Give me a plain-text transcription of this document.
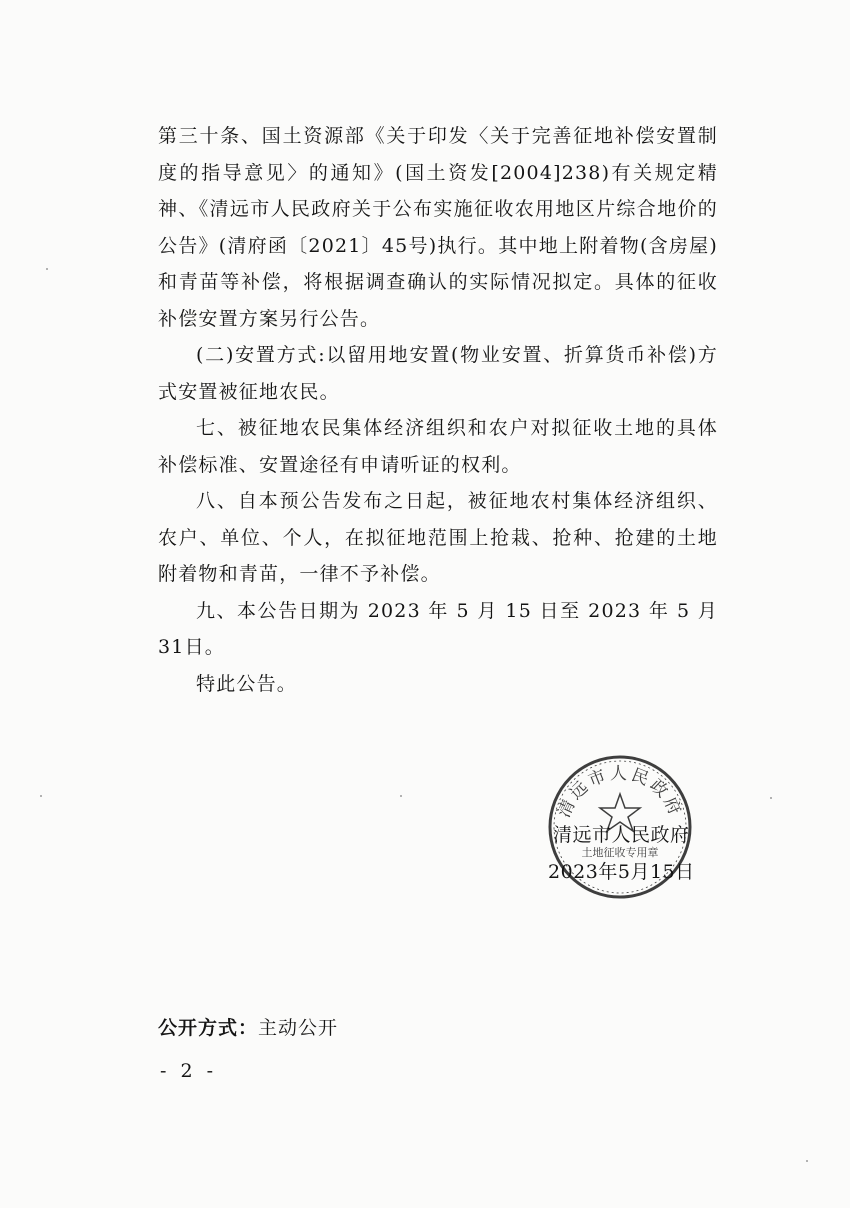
第三十条、国土资源部《关于印发〈关于完善征地补偿安置制度的指导意见〉的通知》(国土资发[2004]238)有关规定精神、《清远市人民政府关于公布实施征收农用地区片综合地价的公告》(清府函〔2021〕45号)执行。其中地上附着物(含房屋)和青苗等补偿，将根据调查确认的实际情况拟定。具体的征收补偿安置方案另行公告。

(二)安置方式:以留用地安置(物业安置、折算货币补偿)方式安置被征地农民。

七、被征地农民集体经济组织和农户对拟征收土地的具体补偿标准、安置途径有申请听证的权利。

八、自本预公告发布之日起，被征地农村集体经济组织、农户、单位、个人，在拟征地范围上抢栽、抢种、抢建的土地附着物和青苗，一律不予补偿。

九、本公告日期为 2023 年 5 月 15 日至 2023 年 5 月 31日。

特此公告。

清远市人民政府
土地征收专用章
清远市人民政府
2023年5月15日
公开方式：主动公开
- 2 -
